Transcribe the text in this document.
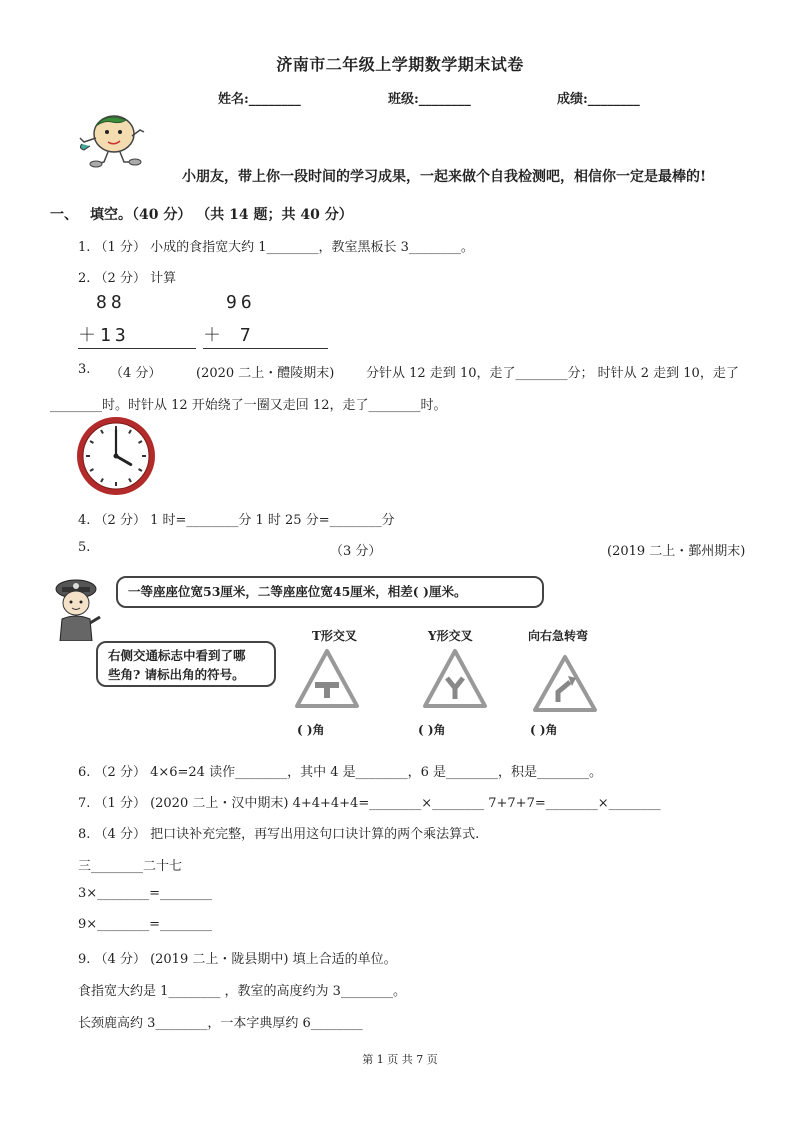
济南市二年级上学期数学期末试卷
姓名:________	班级:________	成绩:________
小朋友，带上你一段时间的学习成果，一起来做个自我检测吧，相信你一定是最棒的!
一、 填空。（40 分） （共 14 题；共 40 分）
1. （1 分） 小成的食指宽大约 1________，教室黑板长 3________。
2. （2 分） 计算
88
＋13
96
＋ 7
3. （4 分）	(2020 二上・醴陵期末) 分针从 12 走到 10，走了________分； 时针从 2 走到 10，走了
________时。时针从 12 开始绕了一圈又走回 12，走了________时。
4. （2 分） 1 时=________分 1 时 25 分=________分
5.	（3 分）	(2019 二上・鄞州期末)
一等座座位宽53厘米，二等座座位宽45厘米，相差( )厘米。
右侧交通标志中看到了哪
些角? 请标出角的符号。
T形交叉	Y形交叉	向右急转弯
( )角	( )角	( )角
6. （2 分） 4×6=24 读作________，其中 4 是________，6 是________，积是________。
7. （1 分） (2020 二上・汉中期末) 4+4+4+4=________×________ 7+7+7=________×________
8. （4 分） 把口诀补充完整，再写出用这句口诀计算的两个乘法算式.
三________二十七
3×________=________
9×________=________
9. （4 分） (2019 二上・陇县期中) 填上合适的单位。
食指宽大约是 1________ ，教室的高度约为 3________。
长颈鹿高约 3________，一本字典厚约 6________
第 1 页 共 7 页
